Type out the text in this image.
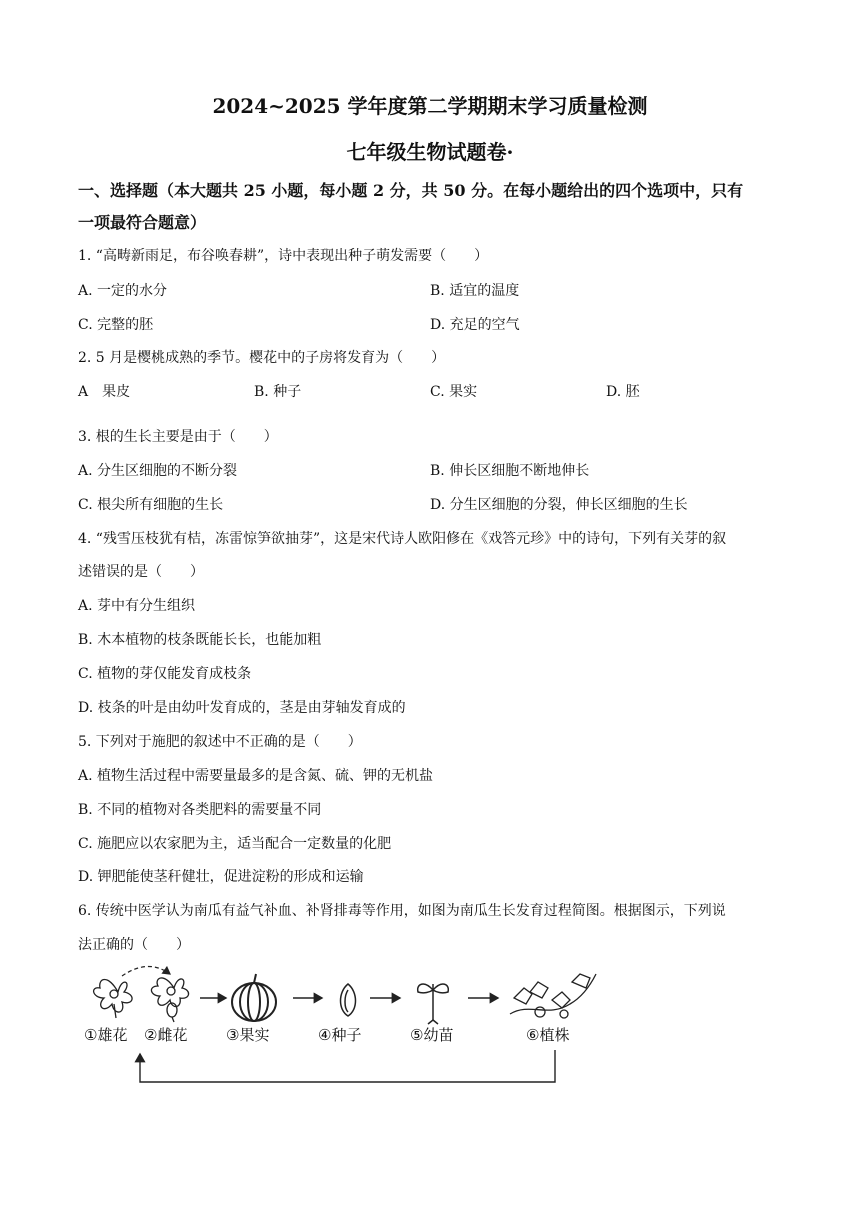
2024~2025 学年度第二学期期末学习质量检测
七年级生物试题卷·
一、选择题（本大题共 25 小题，每小题 2 分，共 50 分。在每小题给出的四个选项中，只有
一项最符合题意）
1. “高畴新雨足，布谷唤春耕”，诗中表现出种子萌发需要（　　）
A. 一定的水分	B. 适宜的温度
C. 完整的胚	D. 充足的空气
2. 5 月是樱桃成熟的季节。樱花中的子房将发育为（　　）
A　果皮	B. 种子	C. 果实	D. 胚
3. 根的生长主要是由于（　　）
A. 分生区细胞的不断分裂	B. 伸长区细胞不断地伸长
C. 根尖所有细胞的生长	D. 分生区细胞的分裂，伸长区细胞的生长
4. “残雪压枝犹有桔，冻雷惊笋欲抽芽”，这是宋代诗人欧阳修在《戏答元珍》中的诗句，下列有关芽的叙
述错误的是（　　）
A. 芽中有分生组织
B. 木本植物的枝条既能长长，也能加粗
C. 植物的芽仅能发育成枝条
D. 枝条的叶是由幼叶发育成的，茎是由芽轴发育成的
5. 下列对于施肥的叙述中不正确的是（　　）
A. 植物生活过程中需要量最多的是含氮、硫、钾的无机盐
B. 不同的植物对各类肥料的需要量不同
C. 施肥应以农家肥为主，适当配合一定数量的化肥
D. 钾肥能使茎秆健壮，促进淀粉的形成和运输
6. 传统中医学认为南瓜有益气补血、补肾排毒等作用，如图为南瓜生长发育过程简图。根据图示，下列说
法正确的（　　）
①雄花 ②雌花	③果实	④种子	⑤幼苗	⑥植株
